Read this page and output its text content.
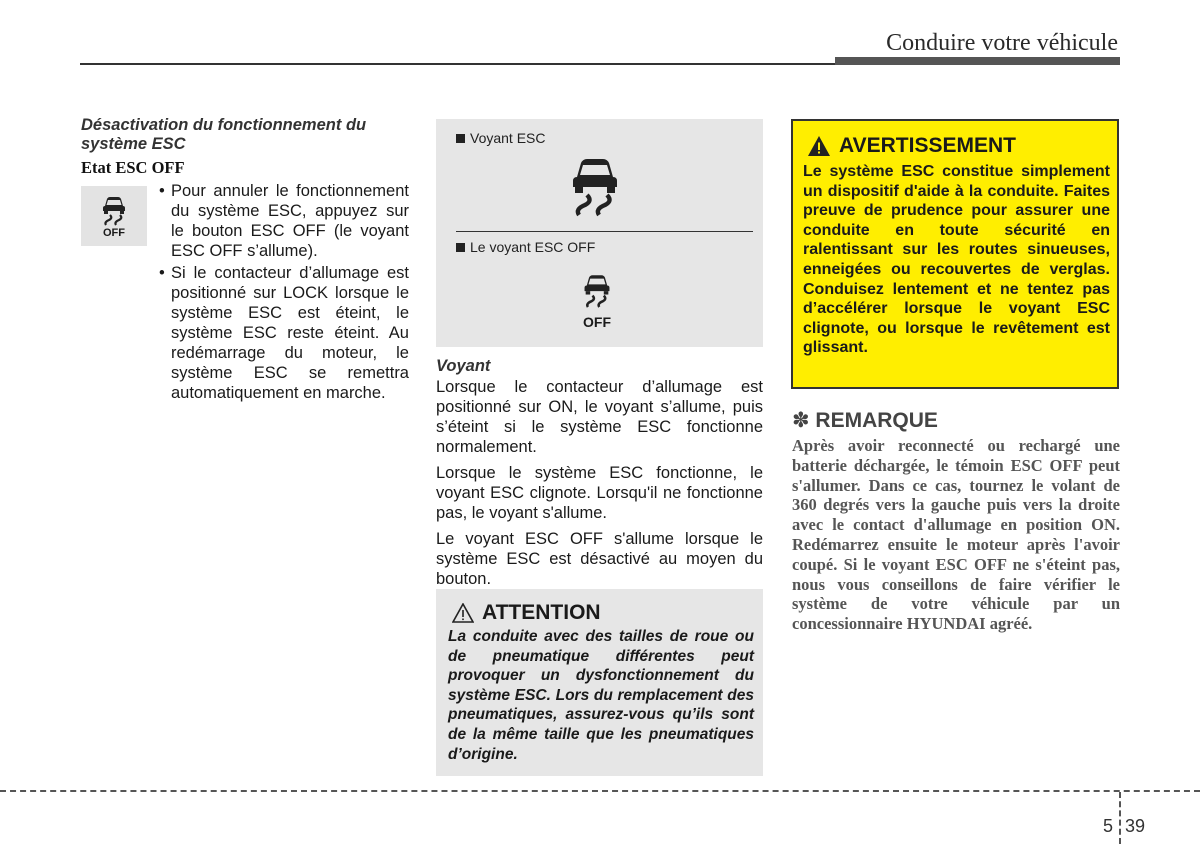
Conduire votre véhicule
Désactivation du fonctionnement du système ESC
Etat ESC OFF
OFF
• Pour annuler le fonctionnement du système ESC, appuyez sur le bouton ESC OFF (le voyant ESC OFF s’allume).
• Si le contacteur d’allumage est positionné sur LOCK lorsque le système ESC est éteint, le système ESC reste éteint. Au redémarrage du moteur, le système ESC se remettra automatiquement en marche.
Voyant ESC
Le voyant ESC OFF
OFF
Voyant

Lorsque le contacteur d’allumage est positionné sur ON, le voyant s’allume, puis s’éteint si le système ESC fonctionne normalement.

Lorsque le système ESC fonctionne, le voyant ESC clignote. Lorsqu'il ne fonctionne pas, le voyant s'allume.

Le voyant ESC OFF s'allume lorsque le système ESC est désactivé au moyen du bouton.

ATTENTION
La conduite avec des tailles de roue ou de pneumatique différentes peut provoquer un dysfonctionnement du système ESC. Lors du remplacement des pneumatiques, assurez-vous qu’ils sont de la même taille que les pneumatiques d’origine.
AVERTISSEMENT
Le système ESC constitue simplement un dispositif d'aide à la conduite. Faites preuve de prudence pour assurer une conduite en toute sécurité en ralentissant sur les routes sinueuses, enneigées ou recouvertes de verglas. Conduisez lentement et ne tentez pas d’accélérer lorsque le voyant ESC clignote, ou lorsque le revêtement est glissant.
✽ REMARQUE
Après avoir reconnecté ou rechargé une batterie déchargée, le témoin ESC OFF peut s'allumer. Dans ce cas, tournez le volant de 360 degrés vers la gauche puis vers la droite avec le contact d'allumage en position ON. Redémarrez ensuite le moteur après l'avoir coupé. Si le voyant ESC OFF ne s'éteint pas, nous vous conseillons de faire vérifier le système de votre véhicule par un concessionnaire HYUNDAI agréé.
5 39
